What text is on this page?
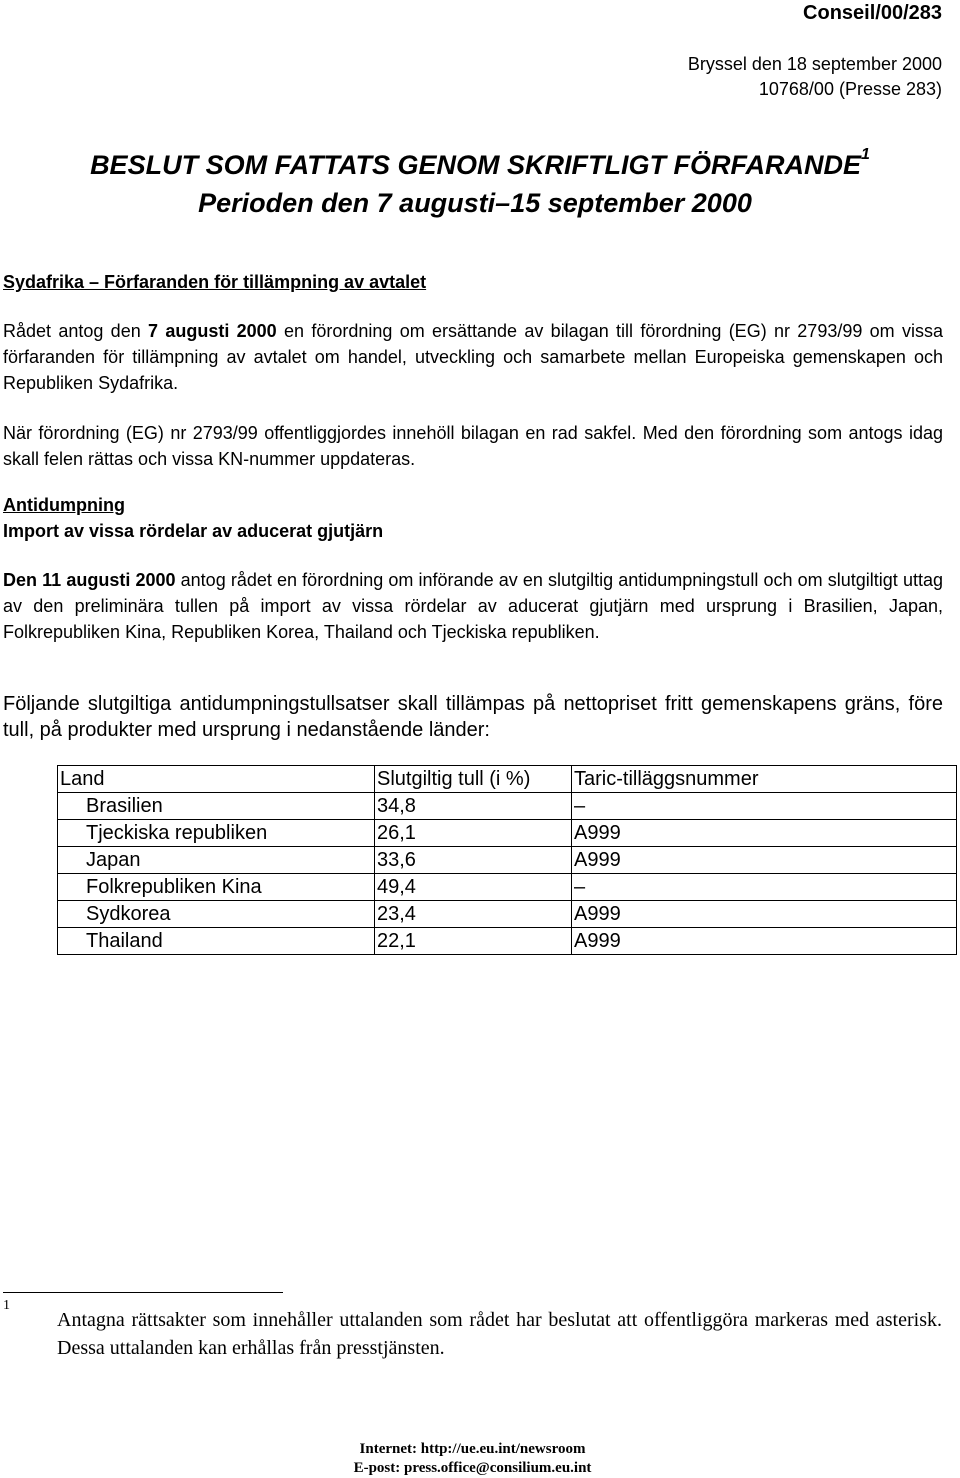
Conseil/00/283
Bryssel den 18 september 2000
10768/00 (Presse 283)
BESLUT SOM FATTATS GENOM SKRIFTLIGT FÖRFARANDE$^1$
Perioden den 7 augusti–15 september 2000
Sydafrika – Förfaranden för tillämpning av avtalet
Rådet antog den 7 augusti 2000 en förordning om ersättande av bilagan till förordning (EG) nr 2793/99 om vissa förfaranden för tillämpning av avtalet om handel, utveckling och samarbete mellan Europeiska gemenskapen och Republiken Sydafrika.
När förordning (EG) nr 2793/99 offentliggjordes innehöll bilagan en rad sakfel. Med den förordning som antogs idag skall felen rättas och vissa KN-nummer uppdateras.
Antidumpning
Import av vissa rördelar av aducerat gjutjärn
Den 11 augusti 2000 antog rådet en förordning om införande av en slutgiltig antidumpningstull och om slutgiltigt uttag av den preliminära tullen på import av vissa rördelar av aducerat gjutjärn med ursprung i Brasilien, Japan, Folkrepubliken Kina, Republiken Korea, Thailand och Tjeckiska republiken.
Följande slutgiltiga antidumpningstullsatser skall tillämpas på nettopriset fritt gemenskapens gräns, före tull, på produkter med ursprung i nedanstående länder:
Land	Slutgiltig tull (i %)	Taric-tilläggsnummer
Brasilien	34,8	–
Tjeckiska republiken	26,1	A999
Japan	33,6	A999
Folkrepubliken Kina	49,4	–
Sydkorea	23,4	A999
Thailand	22,1	A999
1
Antagna rättsakter som innehåller uttalanden som rådet har beslutat att offentliggöra markeras med asterisk. Dessa uttalanden kan erhållas från presstjänsten.
Internet: http://ue.eu.int/newsroom
E-post: press.office@consilium.eu.int
